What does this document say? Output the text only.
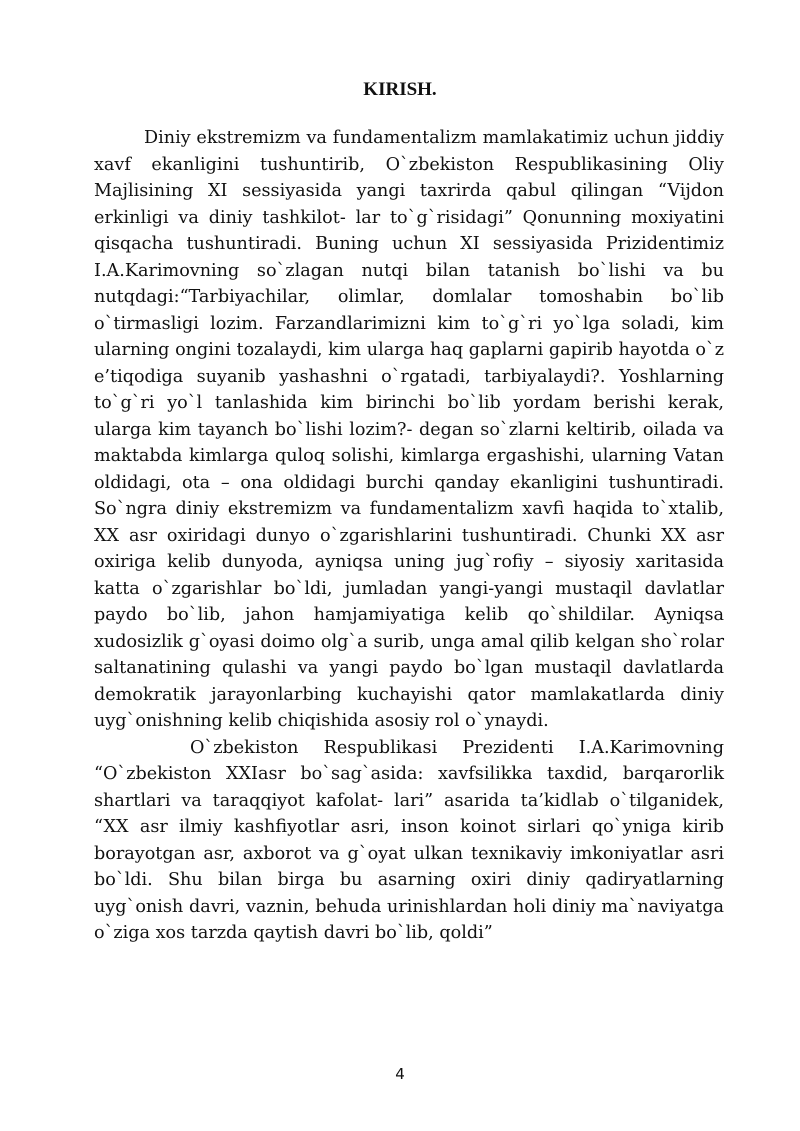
KIRISH.

Diniy ekstremizm va fundamentalizm mamlakatimiz uchun jiddiy xavf ekanligini tushuntirib, O`zbekiston Respublikasining Oliy Majlisining XI sessiyasida yangi taxrirda qabul qilingan “Vijdon erkinligi va diniy tashkilot- lar to`g`risidagi” Qonunning moxiyatini qisqacha tushuntiradi. Buning uchun XI sessiyasida Prizidentimiz I.A.Karimovning so`zlagan nutqi bilan tatanish bo`lishi va bu nutqdagi:“Tarbiyachilar, olimlar, domlalar tomoshabin bo`lib o`tirmasligi lozim. Farzandlarimizni kim to`g`ri yo`lga soladi, kim ularning ongini tozalaydi, kim ularga haq gaplarni gapirib hayotda o`z e’tiqodiga suyanib yashashni o`rgatadi, tarbiyalaydi?. Yoshlarning to`g`ri yo`l tanlashida kim birinchi bo`lib yordam berishi kerak, ularga kim tayanch bo`lishi lozim?- degan so`zlarni keltirib, oilada va maktabda kimlarga quloq solishi, kimlarga ergashishi, ularning Vatan oldidagi, ota – ona oldidagi burchi qanday ekanligini tushuntiradi. So`ngra diniy ekstremizm va fundamentalizm xavfi haqida to`xtalib, XX asr oxiridagi dunyo o`zgarishlarini tushuntiradi. Chunki XX asr oxiriga kelib dunyoda, ayniqsa uning jug`rofiy – siyosiy xaritasida katta o`zgarishlar bo`ldi, jumladan yangi-yangi mustaqil davlatlar paydo bo`lib, jahon hamjamiyatiga kelib qo`shildilar. Ayniqsa xudosizlik g`oyasi doimo olg`a surib, unga amal qilib kelgan sho`rolar saltanatining qulashi va yangi paydo bo`lgan mustaqil davlatlarda demokratik jarayonlarbing kuchayishi qator mamlakatlarda diniy uyg`onishning kelib chiqishida asosiy rol o`ynaydi.

O`zbekiston Respublikasi Prezidenti I.A.Karimovning “O`zbekiston XXIasr bo`sag`asida: xavfsilikka taxdid, barqarorlik shartlari va taraqqiyot kafolat- lari” asarida ta’kidlab o`tilganidek, “XX asr ilmiy kashfiyotlar asri, inson koinot sirlari qo`yniga kirib borayotgan asr, axborot va g`oyat ulkan texnikaviy imkoniyatlar asri bo`ldi. Shu bilan birga bu asarning oxiri diniy qadiryatlarning uyg`onish davri, vaznin, behuda urinishlardan holi diniy ma`naviyatga o`ziga xos tarzda qaytish davri bo`lib, qoldi”

4
